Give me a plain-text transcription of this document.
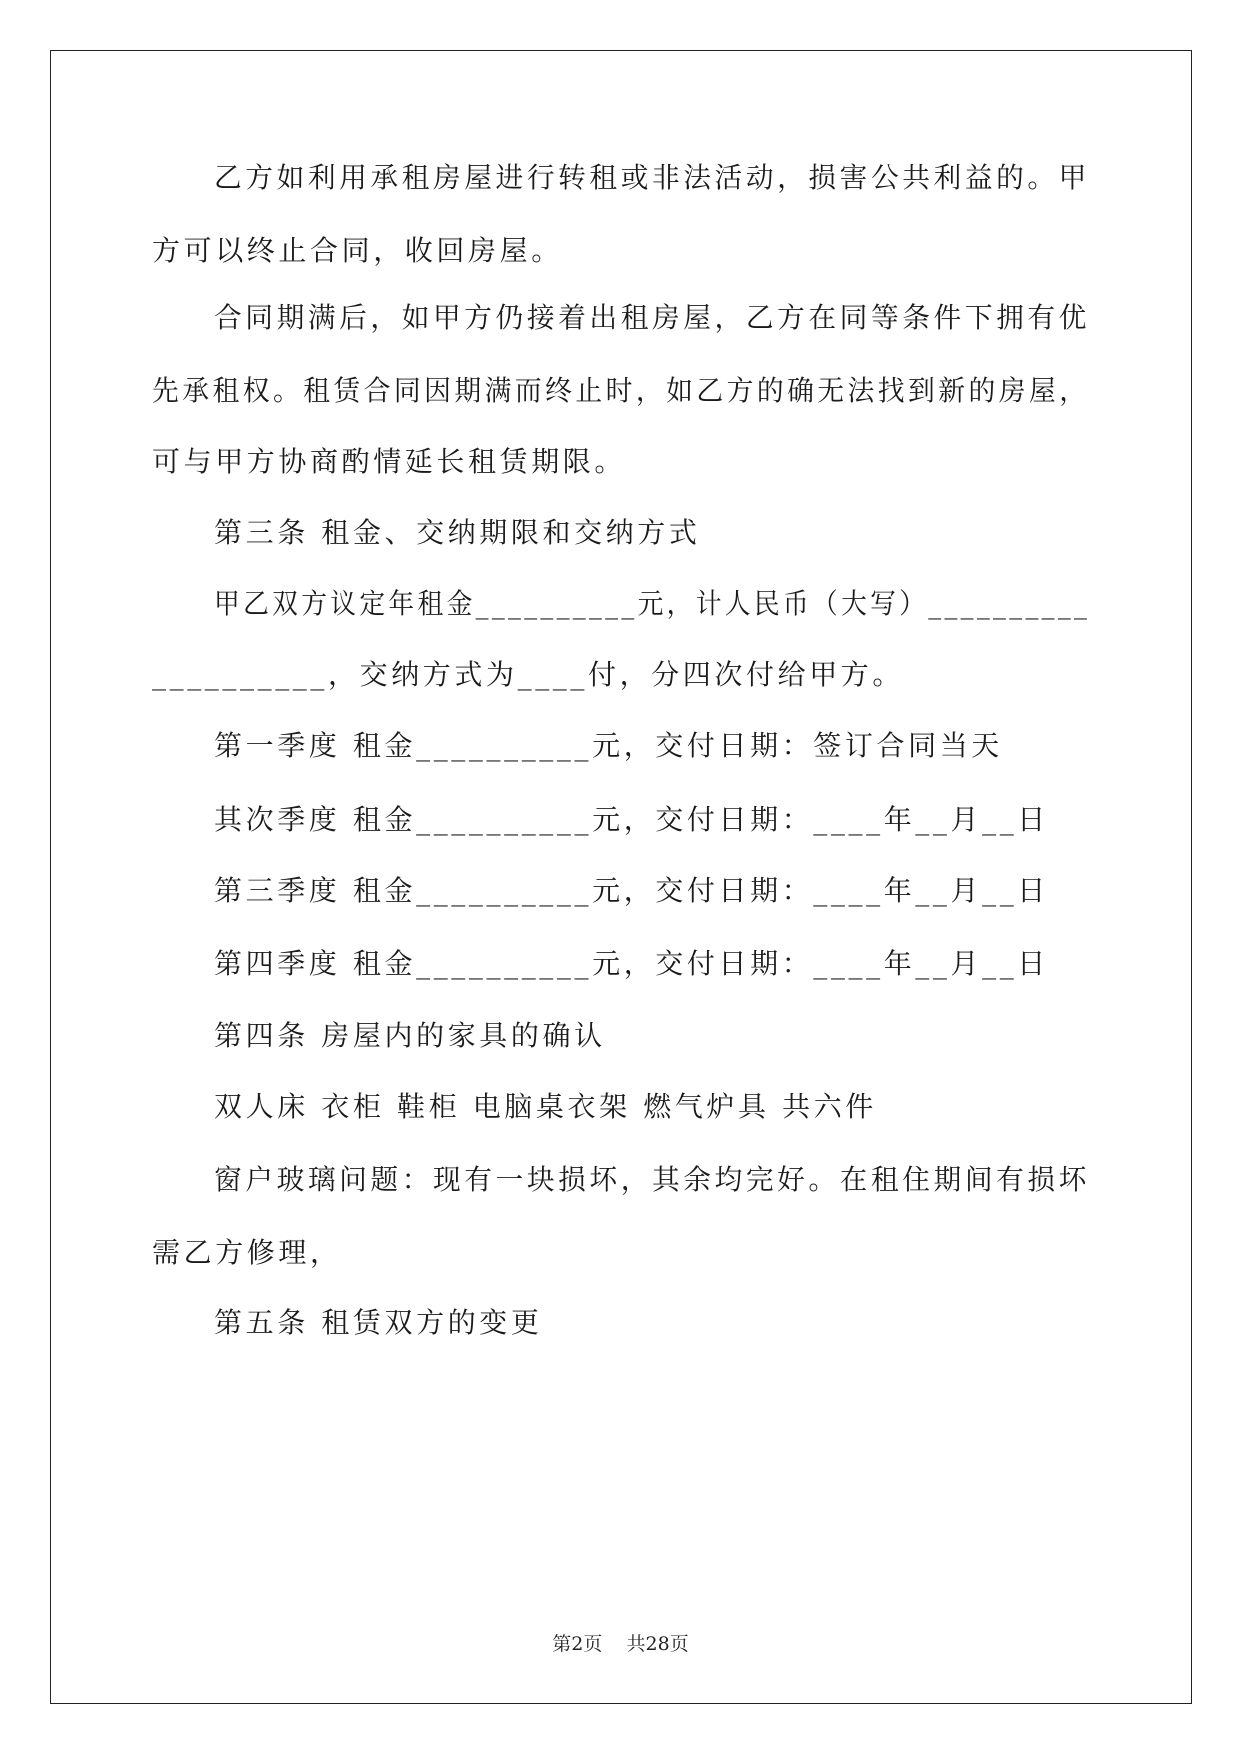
乙方如利用承租房屋进行转租或非法活动，损害公共利益的。甲
方可以终止合同，收回房屋。
合同期满后，如甲方仍接着出租房屋，乙方在同等条件下拥有优
先承租权。租赁合同因期满而终止时，如乙方的确无法找到新的房屋，
可与甲方协商酌情延长租赁期限。
第三条 租金、交纳期限和交纳方式
甲乙双方议定年租金__________元，计人民币（大写）__________
__________，交纳方式为____付，分四次付给甲方。
第一季度 租金__________元，交付日期：签订合同当天
其次季度 租金__________元，交付日期：____年__月__日
第三季度 租金__________元，交付日期：____年__月__日
第四季度 租金__________元，交付日期：____年__月__日
第四条 房屋内的家具的确认
双人床 衣柜 鞋柜 电脑桌衣架 燃气炉具 共六件
窗户玻璃问题：现有一块损坏，其余均完好。在租住期间有损坏
需乙方修理，
第五条 租赁双方的变更
第2页    共28页
